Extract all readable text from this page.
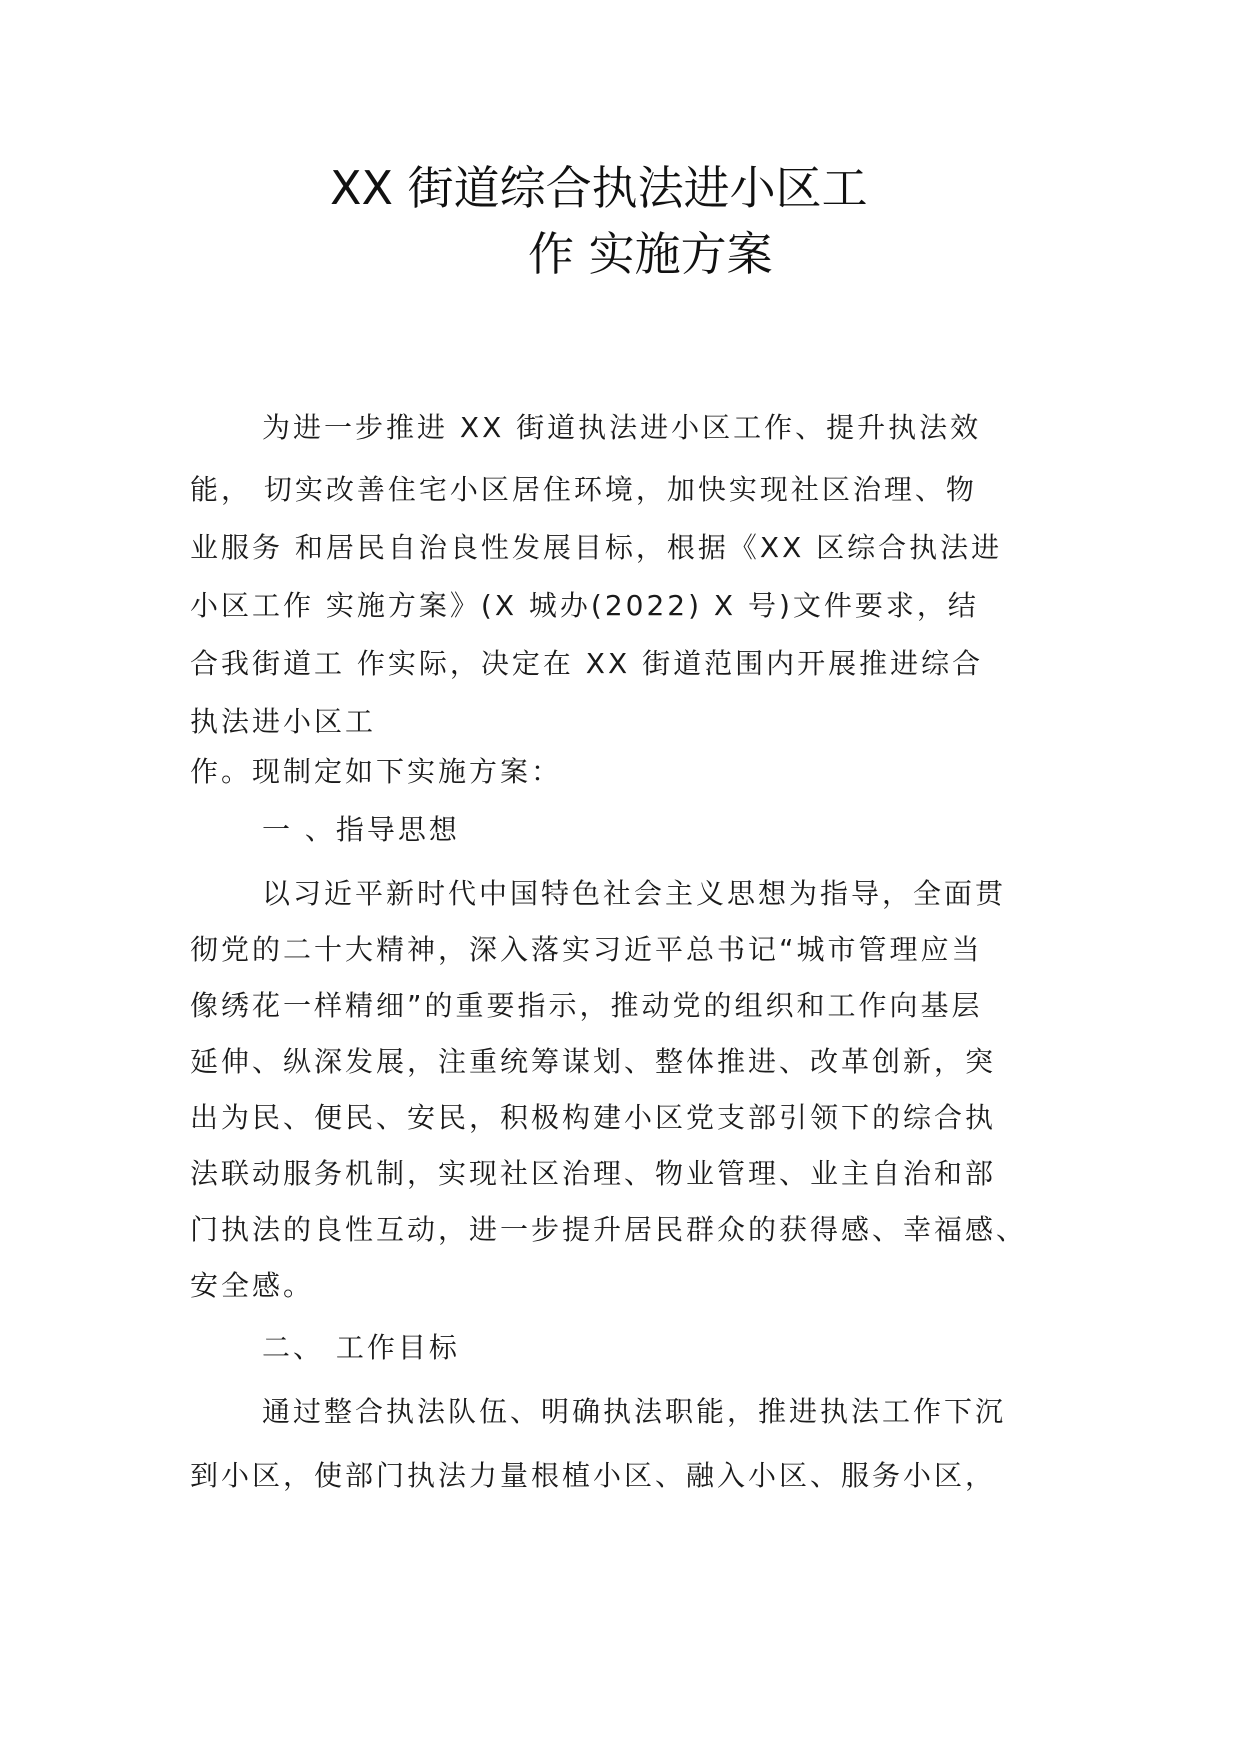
XX 街道综合执法进小区工
作 实施方案
为进一步推进 XX 街道执法进小区工作、提升执法效
能， 切实改善住宅小区居住环境，加快实现社区治理、物
业服务 和居民自治良性发展目标，根据《XX 区综合执法进
小区工作 实施方案》(X 城办(2022) X 号)文件要求，结
合我街道工 作实际，决定在 XX 街道范围内开展推进综合
执法进小区工
作。现制定如下实施方案：
一 、指导思想
以习近平新时代中国特色社会主义思想为指导，全面贯
彻党的二十大精神，深入落实习近平总书记“城市管理应当
像绣花一样精细”的重要指示，推动党的组织和工作向基层
延伸、纵深发展，注重统筹谋划、整体推进、改革创新，突
出为民、便民、安民，积极构建小区党支部引领下的综合执
法联动服务机制，实现社区治理、物业管理、业主自治和部
门执法的良性互动，进一步提升居民群众的获得感、幸福感、
安全感。
二、 工作目标
通过整合执法队伍、明确执法职能，推进执法工作下沉
到小区，使部门执法力量根植小区、融入小区、服务小区，
